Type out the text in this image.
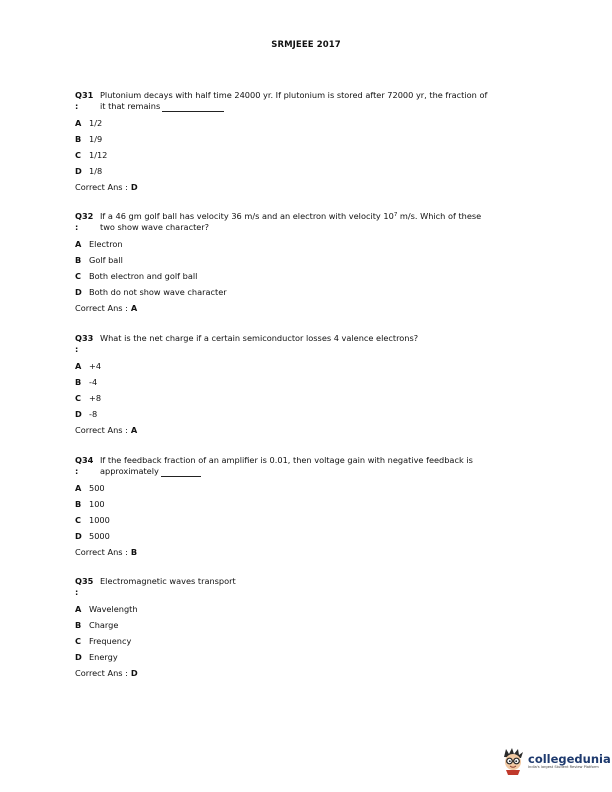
SRMJEEE 2017
Q31 Plutonium decays with half time 24000 yr. If plutonium is stored after 72000 yr, the fraction of
:	it that remains
A 1/2
B 1/9
C 1/12
D 1/8
Correct Ans : D
Q32 If a 46 gm golf ball has velocity 36 m/s and an electron with velocity $10^7$ m/s. Which of these
:	two show wave character?
A Electron
B Golf ball
C Both electron and golf ball
D Both do not show wave character
Correct Ans : A
Q33 What is the net charge if a certain semiconductor losses 4 valence electrons?
:
A +4
B -4
C +8
D -8
Correct Ans : A
Q34 If the feedback fraction of an amplifier is 0.01, then voltage gain with negative feedback is
:	approximately
A 500
B 100
C 1000
D 5000
Correct Ans : B
Q35 Electromagnetic waves transport
:
A Wavelength
B Charge
C Frequency
D Energy
Correct Ans : D
collegedunia
India's largest Student Review Platform
